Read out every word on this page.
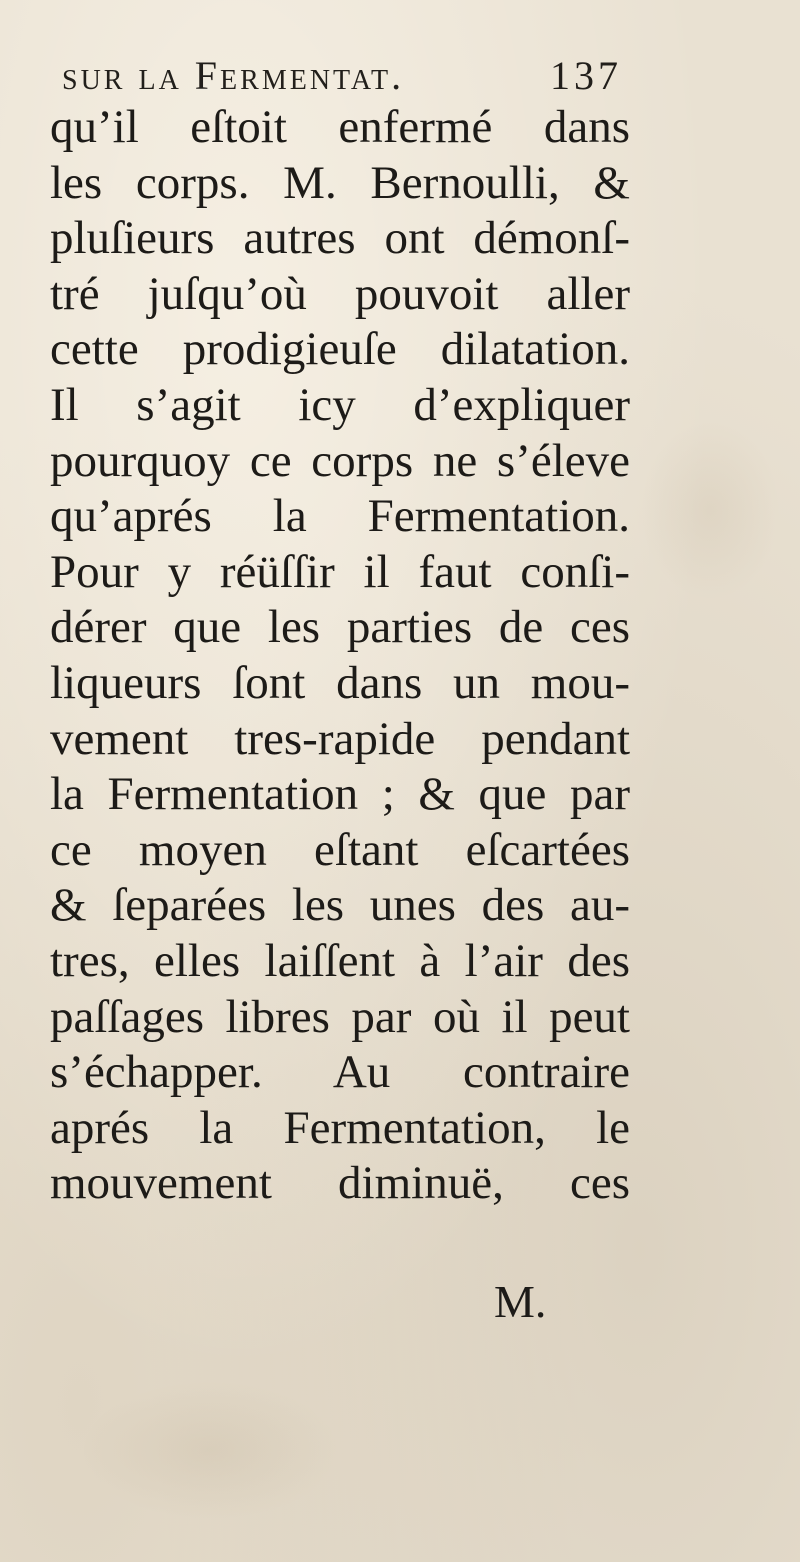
sur la Fermentat.	137
qu’il eſtoit enfermé dans
les corps. M. Bernoulli, &
pluſieurs autres ont démonſ-
tré juſqu’où pouvoit aller
cette prodigieuſe dilatation.
Il s’agit icy d’expliquer
pourquoy ce corps ne s’éleve
qu’aprés la Fermentation.
Pour y réüſſir il faut conſi-
dérer que les parties de ces
liqueurs ſont dans un mou-
vement tres-rapide pendant
la Fermentation ; & que par
ce moyen eſtant eſcartées
& ſeparées les unes des au-
tres, elles laiſſent à l’air des
paſſages libres par où il peut
s’échapper. Au contraire
aprés la Fermentation, le
mouvement diminuë, ces
M.
